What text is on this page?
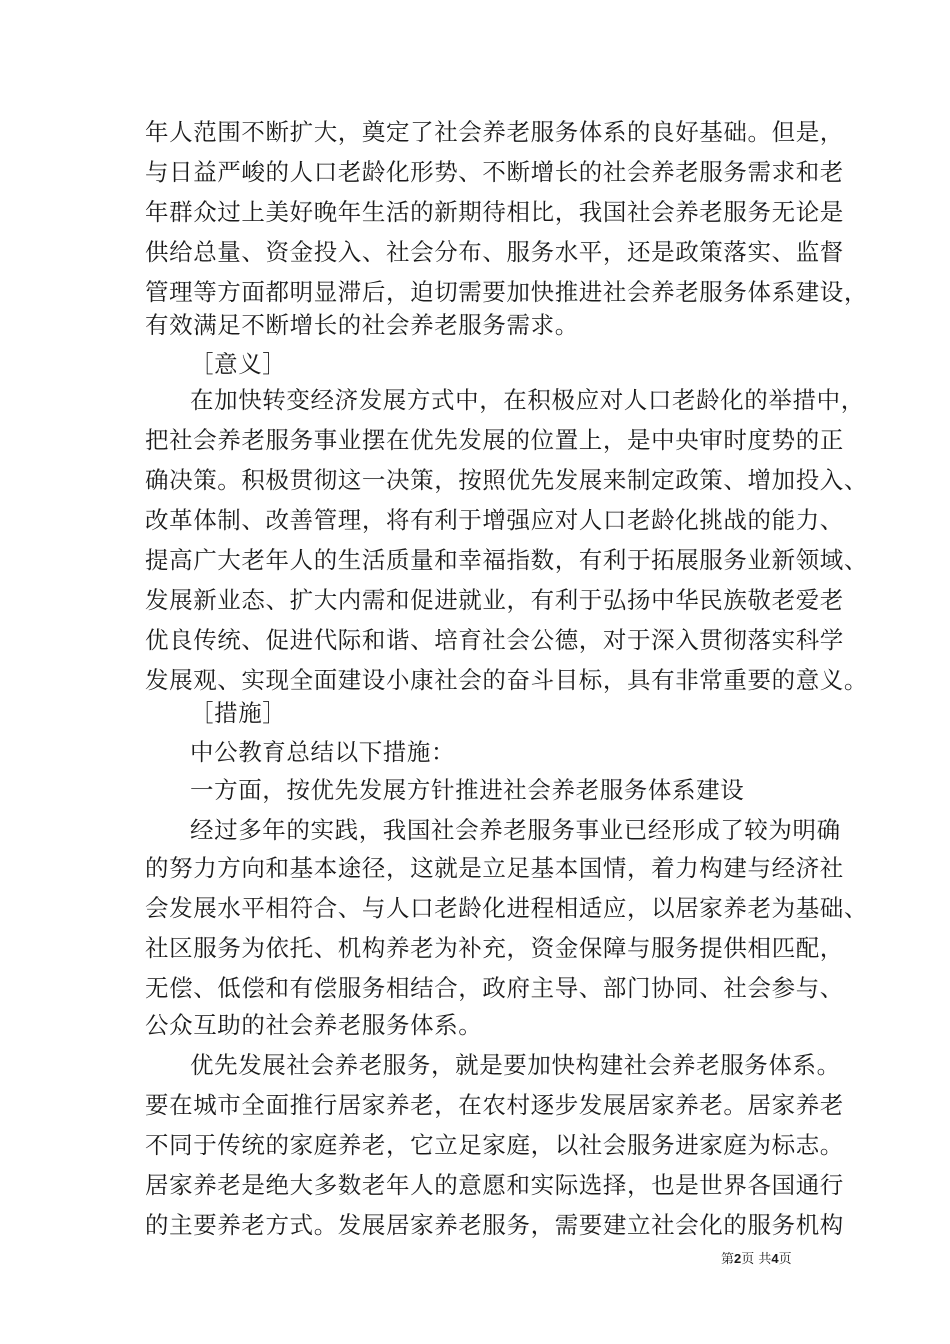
年人范围不断扩大，奠定了社会养老服务体系的良好基础。但是，
与日益严峻的人口老龄化形势、不断增长的社会养老服务需求和老
年群众过上美好晚年生活的新期待相比，我国社会养老服务无论是
供给总量、资金投入、社会分布、服务水平，还是政策落实、监督
管理等方面都明显滞后，迫切需要加快推进社会养老服务体系建设，
有效满足不断增长的社会养老服务需求。
［意义］
在加快转变经济发展方式中，在积极应对人口老龄化的举措中，
把社会养老服务事业摆在优先发展的位置上，是中央审时度势的正
确决策。积极贯彻这一决策，按照优先发展来制定政策、增加投入、
改革体制、改善管理，将有利于增强应对人口老龄化挑战的能力、
提高广大老年人的生活质量和幸福指数，有利于拓展服务业新领域、
发展新业态、扩大内需和促进就业，有利于弘扬中华民族敬老爱老
优良传统、促进代际和谐、培育社会公德，对于深入贯彻落实科学
发展观、实现全面建设小康社会的奋斗目标，具有非常重要的意义。
［措施］
中公教育总结以下措施：
一方面，按优先发展方针推进社会养老服务体系建设
经过多年的实践，我国社会养老服务事业已经形成了较为明确
的努力方向和基本途径，这就是立足基本国情，着力构建与经济社
会发展水平相符合、与人口老龄化进程相适应，以居家养老为基础、
社区服务为依托、机构养老为补充，资金保障与服务提供相匹配，
无偿、低偿和有偿服务相结合，政府主导、部门协同、社会参与、
公众互助的社会养老服务体系。
优先发展社会养老服务，就是要加快构建社会养老服务体系。
要在城市全面推行居家养老，在农村逐步发展居家养老。居家养老
不同于传统的家庭养老，它立足家庭，以社会服务进家庭为标志。
居家养老是绝大多数老年人的意愿和实际选择，也是世界各国通行
的主要养老方式。发展居家养老服务，需要建立社会化的服务机构
第2页 共4页
